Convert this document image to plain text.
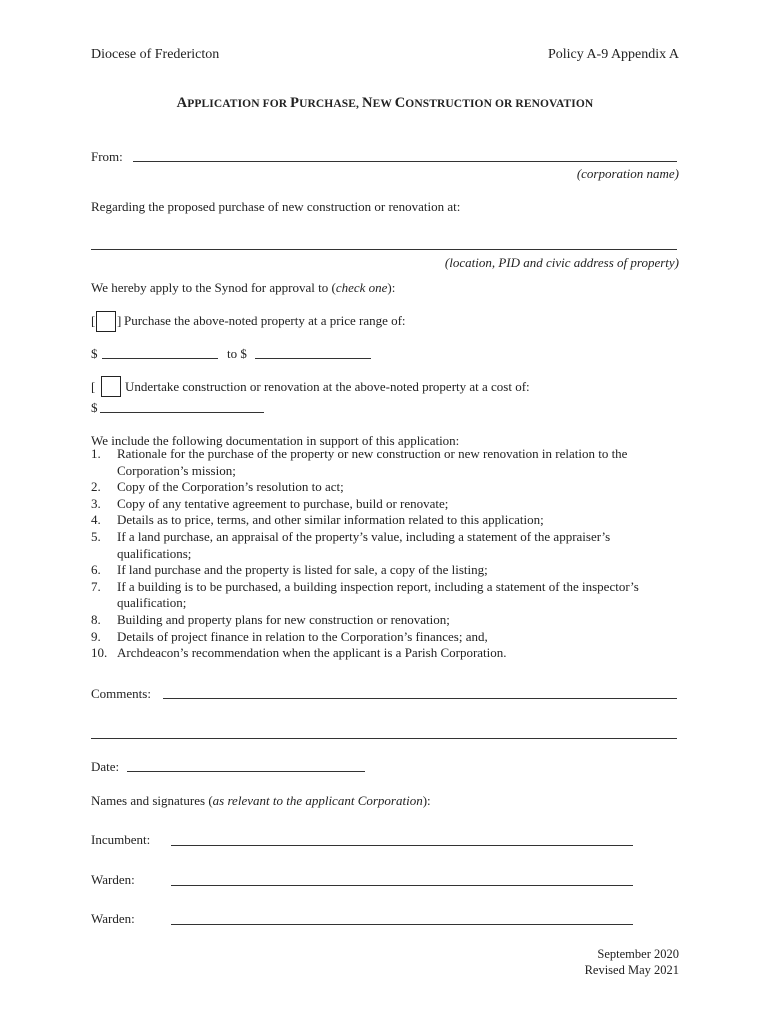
Diocese of Fredericton	Policy A-9 Appendix A
APPLICATION FOR PURCHASE, NEW CONSTRUCTION OR RENOVATION
From:
(corporation name)
Regarding the proposed purchase of new construction or renovation at:
(location, PID and civic address of property)
We hereby apply to the Synod for approval to (check one):
[ ] Purchase the above-noted property at a price range of:
$	to $
[ Undertake construction or renovation at the above-noted property at a cost of:
$
We include the following documentation in support of this application:
1. Rationale for the purchase of the property or new construction or new renovation in relation to the Corporation’s mission;
2. Copy of the Corporation’s resolution to act;
3. Copy of any tentative agreement to purchase, build or renovate;
4. Details as to price, terms, and other similar information related to this application;
5. If a land purchase, an appraisal of the property’s value, including a statement of the appraiser’s qualifications;
6. If land purchase and the property is listed for sale, a copy of the listing;
7. If a building is to be purchased, a building inspection report, including a statement of the inspector’s qualification;
8. Building and property plans for new construction or renovation;
9. Details of project finance in relation to the Corporation’s finances; and,
10. Archdeacon’s recommendation when the applicant is a Parish Corporation.
Comments:
Date:
Names and signatures (as relevant to the applicant Corporation):
Incumbent:
Warden:
Warden:
September 2020
Revised May 2021
